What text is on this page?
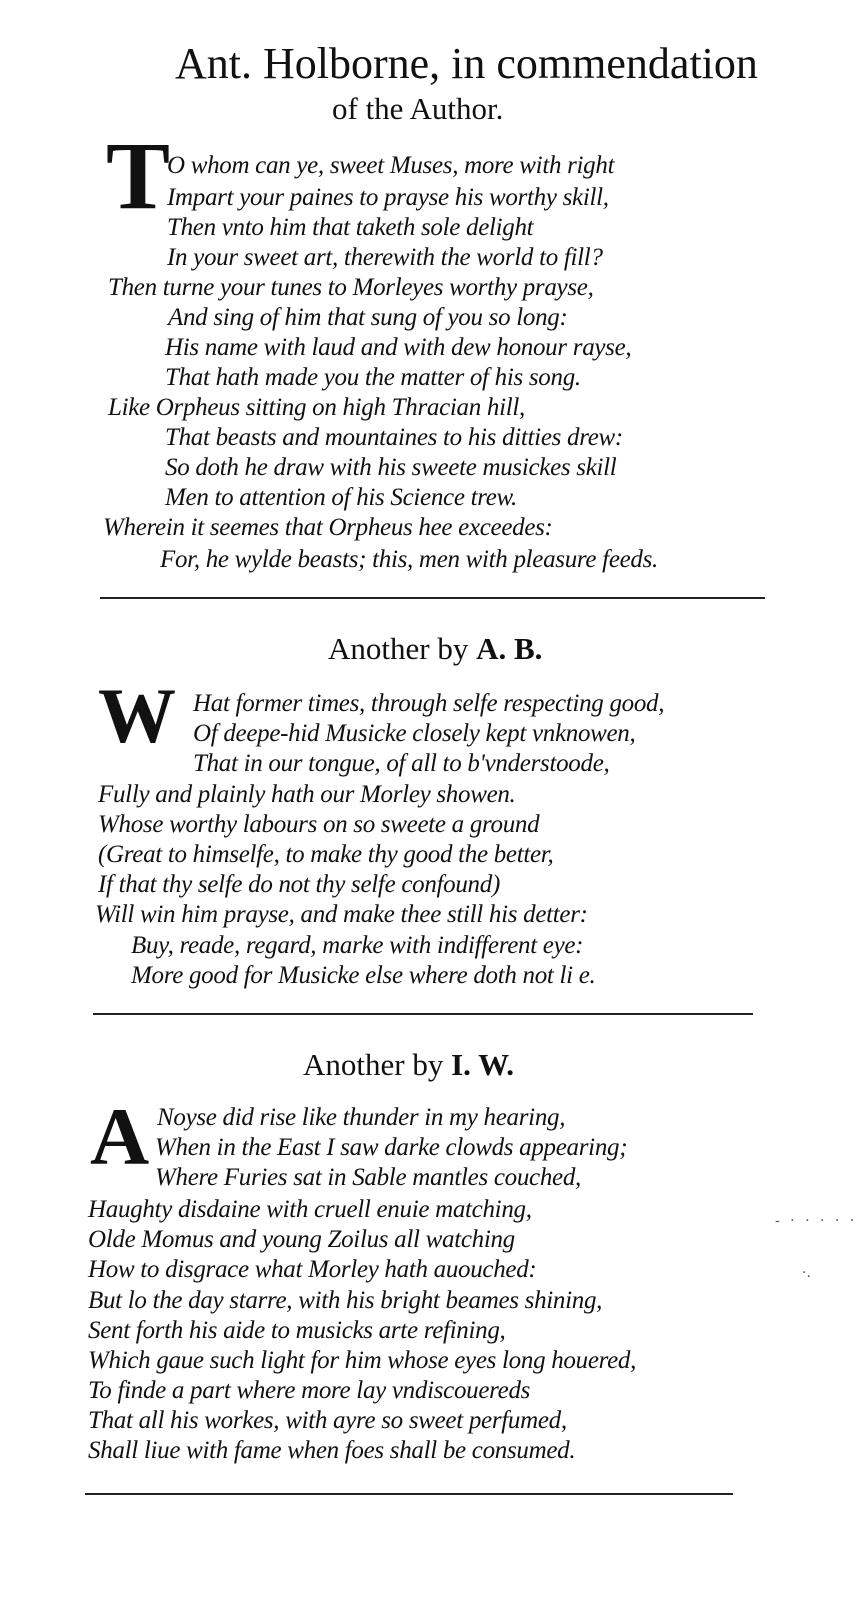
Ant. Holborne, in commendation
of the Author.
T
O whom can ye, sweet Muses, more with right
Impart your paines to prayse his worthy skill,
Then vnto him that taketh sole delight
In your sweet art, therewith the world to fill?
Then turne your tunes to Morleyes worthy prayse,
And sing of him that sung of you so long:
His name with laud and with dew honour rayse,
That hath made you the matter of his song.
Like Orpheus sitting on high Thracian hill,
That beasts and mountaines to his ditties drew:
So doth he draw with his sweete musickes skill
Men to attention of his Science trew.
Wherein it seemes that Orpheus hee exceedes:
For, he wylde beasts; this, men with pleasure feeds.
Another by A. B.
W Hat former times, through selfe respecting good,
Of deepe-hid Musicke closely kept vnknowen,
That in our tongue, of all to b'vnderstoode,
Fully and plainly hath our Morley showen.
Whose worthy labours on so sweete a ground
(Great to himselfe, to make thy good the better,
If that thy selfe do not thy selfe confound)
Will win him prayse, and make thee still his detter:
Buy, reade, regard, marke with indifferent eye:
More good for Musicke else where doth not li e.
Another by I. W.
A Noyse did rise like thunder in my hearing,
When in the East I saw darke clowds appearing;
Where Furies sat in Sable mantles couched,
Haughty disdaine with cruell enuie matching,
Olde Momus and young Zoilus all watching
How to disgrace what Morley hath auouched:
But lo the day starre, with his bright beames shining,
Sent forth his aide to musicks arte refining,
Which gaue such light for him whose eyes long houered,
To finde a part where more lay vndiscouereds
That all his workes, with ayre so sweet perfumed,
Shall liue with fame when foes shall be consumed.
- · · · · ·
·.
